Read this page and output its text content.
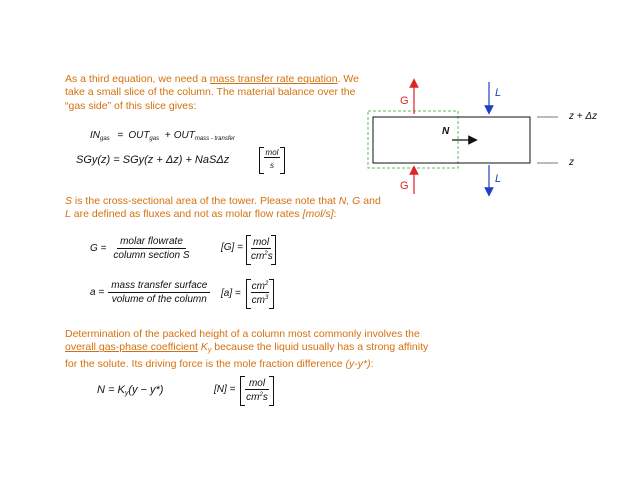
As a third equation, we need a mass transfer rate equation. We take a small slice of the column. The material balance over the “gas side” of this slice gives:
$IN_{gas} = OUT_{gas} + OUT_{mass - transfer}$
SGy(z) = SGy(z + Δz) + NaSΔz
mol
s
S is the cross-sectional area of the tower. Please note that N, G and L are defined as fluxes and not as molar flow rates [mol/s]:
$G = \frac{\text{molar flowrate}}{\text{column section S}}$	[G] = mol
$cm^2s$
$a = \frac{\text{mass transfer surface}}{\text{volume of the column}} [a] = \frac{cm^2}{cm^3}$
Determination of the packed height of a column most commonly involves the overall gas-phase coefficient $K_y$ because the liquid usually has a strong affinity for the solute. Its driving force is the mole fraction difference (y-y*):
$N = K_y(y - y*)$	[N] =
mol
$cm^2s$
G
G
L
L
N
z + Δz
z
